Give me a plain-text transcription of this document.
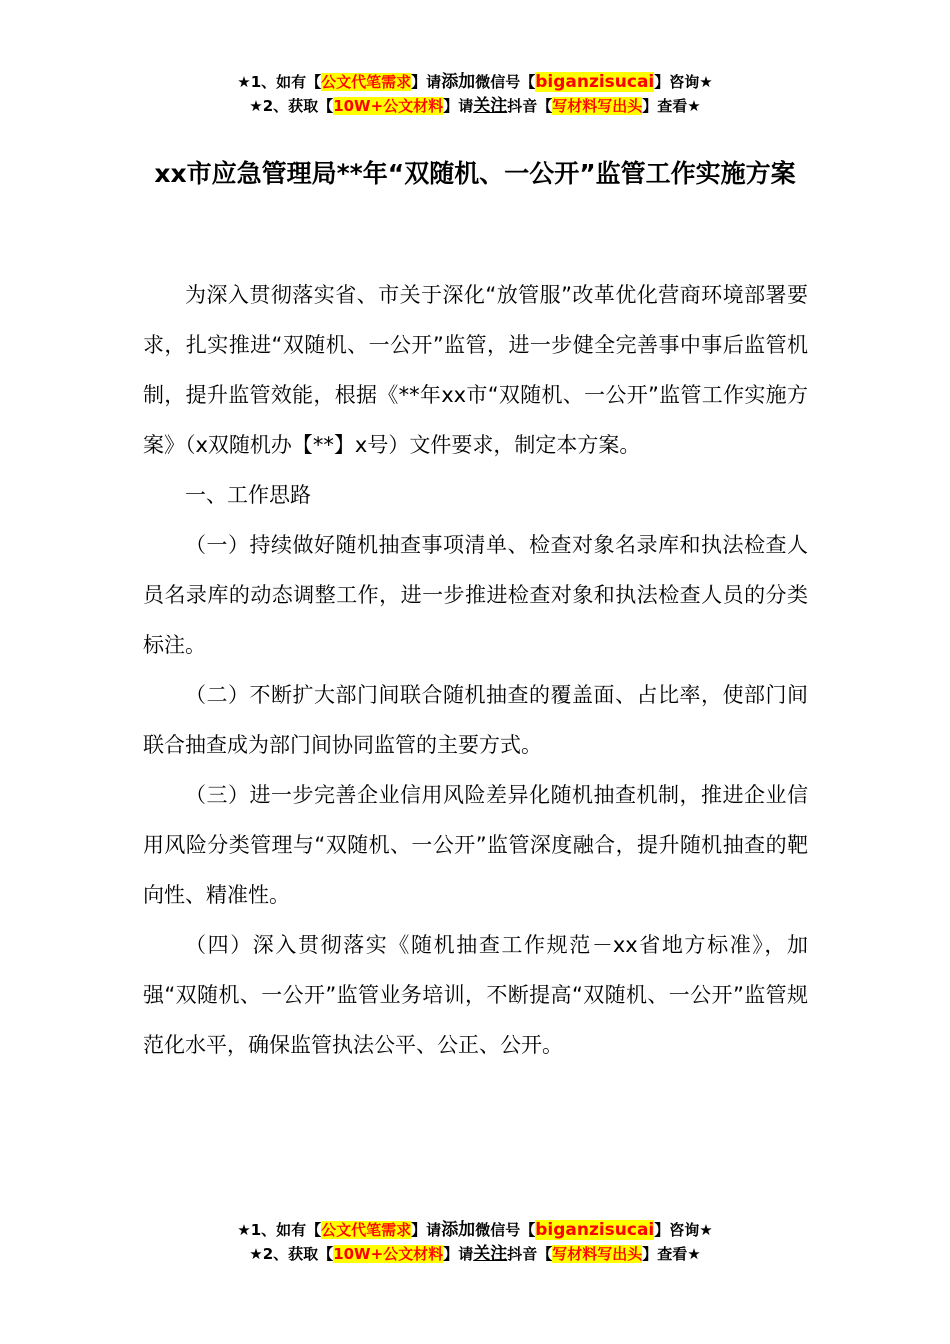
★1、如有【公文代笔需求】请添加微信号【biganzisucai】咨询★
★2、获取【10W+公文材料】请关注抖音【写材料写出头】查看★
xx市应急管理局**年“双随机、一公开”监管工作实施方案

为深入贯彻落实省、市关于深化“放管服”改革优化营商环境部署要求，扎实推进“双随机、一公开”监管，进一步健全完善事中事后监管机制，提升监管效能，根据《**年xx市“双随机、一公开”监管工作实施方案》（x双随机办【**】x号）文件要求，制定本方案。

一、工作思路

（一）持续做好随机抽查事项清单、检查对象名录库和执法检查人员名录库的动态调整工作，进一步推进检查对象和执法检查人员的分类标注。

（二）不断扩大部门间联合随机抽查的覆盖面、占比率，使部门间联合抽查成为部门间协同监管的主要方式。

（三）进一步完善企业信用风险差异化随机抽查机制，推进企业信用风险分类管理与“双随机、一公开”监管深度融合，提升随机抽查的靶向性、精准性。

（四）深入贯彻落实《随机抽查工作规范－xx省地方标准》，加强“双随机、一公开”监管业务培训，不断提高“双随机、一公开”监管规范化水平，确保监管执法公平、公正、公开。

★1、如有【公文代笔需求】请添加微信号【biganzisucai】咨询★
★2、获取【10W+公文材料】请关注抖音【写材料写出头】查看★
